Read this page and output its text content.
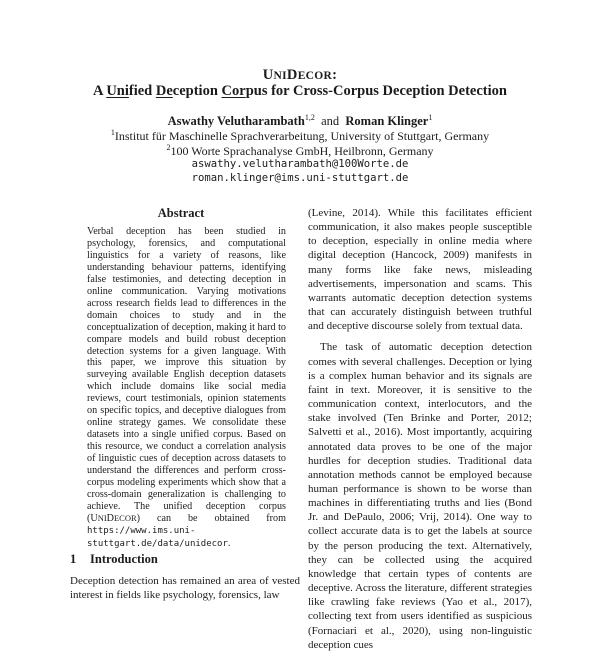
UNIDECOR:
A Unified Deception Corpus for Cross-Corpus Deception Detection
Aswathy Velutharambath$^{1,2}$ and Roman Klinger$^1$
$^1$Institut für Maschinelle Sprachverarbeitung, University of Stuttgart, Germany
$^2$100 Worte Sprachanalyse GmbH, Heilbronn, Germany
aswathy.velutharambath@100Worte.de
roman.klinger@ims.uni-stuttgart.de
Abstract
Verbal deception has been studied in psychology, forensics, and computational linguistics for a variety of reasons, like understanding behaviour patterns, identifying false testimonies, and detecting deception in online communication. Varying motivations across research fields lead to differences in the domain choices to study and in the conceptualization of deception, making it hard to compare models and build robust deception detection systems for a given language. With this paper, we improve this situation by surveying available English deception datasets which include domains like social media reviews, court testimonials, opinion statements on specific topics, and deceptive dialogues from online strategy games. We consolidate these datasets into a single unified corpus. Based on this resource, we conduct a correlation analysis of linguistic cues of deception across datasets to understand the differences and perform cross-corpus modeling experiments which show that a cross-domain generalization is challenging to achieve. The unified deception corpus (UNIDECOR) can be obtained from https://www.ims.uni-stuttgart.de/data/unidecor.
1 Introduction
Deception detection has remained an area of vested interest in fields like psychology, forensics, law

(Levine, 2014). While this facilitates efficient communication, it also makes people susceptible to deception, especially in online media where digital deception (Hancock, 2009) manifests in many forms like fake news, misleading advertisements, impersonation and scams. This warrants automatic deception detection systems that can accurately distinguish between truthful and deceptive discourse solely from textual data.

The task of automatic deception detection comes with several challenges. Deception or lying is a complex human behavior and its signals are faint in text. Moreover, it is sensitive to the communication context, interlocutors, and the stake involved (Ten Brinke and Porter, 2012; Salvetti et al., 2016). Most importantly, acquiring annotated data proves to be one of the major hurdles for deception studies. Traditional data annotation methods cannot be employed because human performance is shown to be worse than machines in differentiating truths and lies (Bond Jr. and DePaulo, 2006; Vrij, 2014). One way to collect accurate data is to get the labels at source by the person producing the text. Alternatively, they can be collected using the acquired knowledge that certain types of contents are deceptive. Across the literature, different strategies like crawling fake reviews (Yao et al., 2017), collecting text from users identified as suspicious (Fornaciari et al., 2020), using non-linguistic deception cues
